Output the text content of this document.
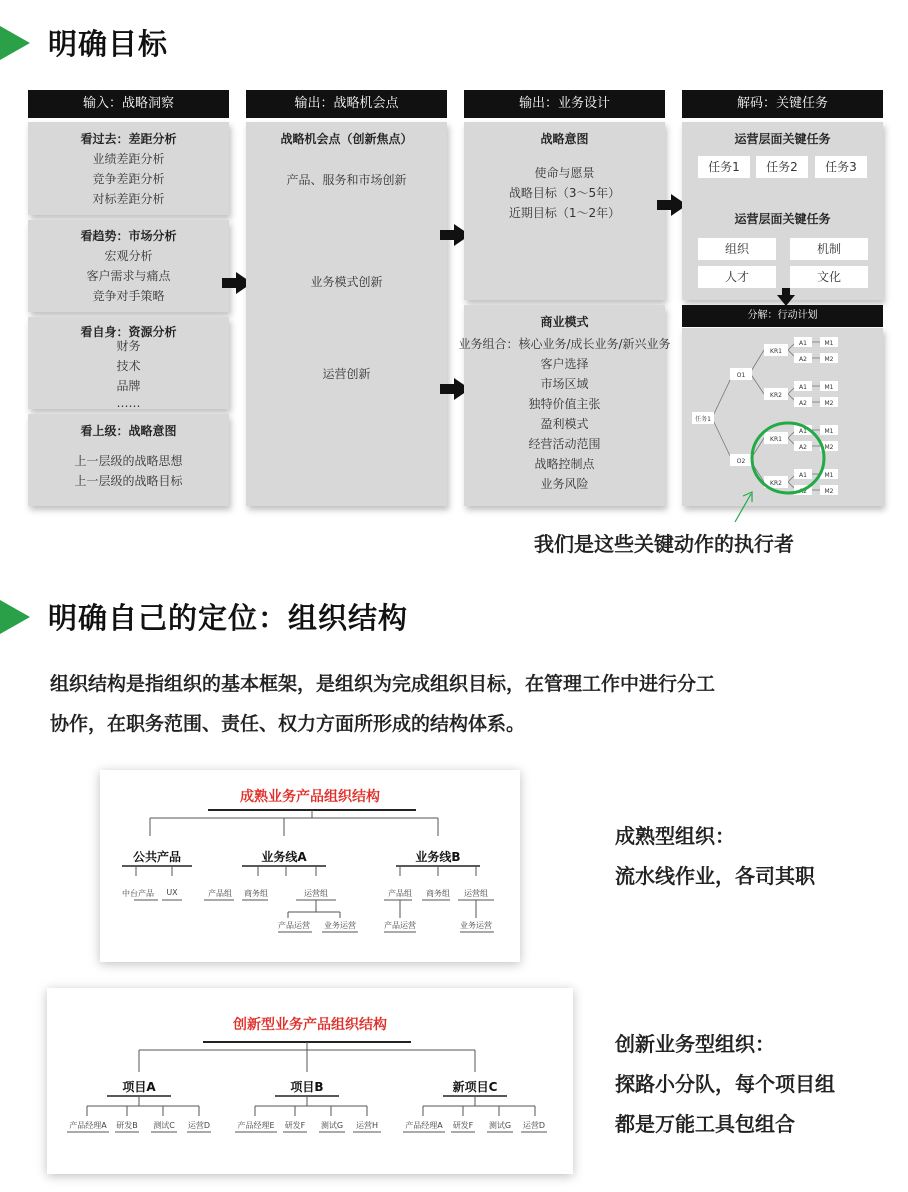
明确目标
输入：战略洞察	输出：战略机会点	输出：业务设计	解码：关键任务
看过去：差距分析
业绩差距分析
竞争差距分析
对标差距分析
看趋势：市场分析
宏观分析
客户需求与痛点
竞争对手策略
看自身：资源分析
财务
技术
品牌
……
看上级：战略意图
上一层级的战略思想
上一层级的战略目标
战略机会点（创新焦点）
产品、服务和市场创新
业务模式创新
运营创新
战略意图
使命与愿景
战略目标（3～5年）
近期目标（1～2年）
商业模式
业务组合：核心业务/成长业务/新兴业务
客户选择
市场区域
独特价值主张
盈利模式
经营活动范围
战略控制点
业务风险
运营层面关键任务
运营层面关键任务
任务1	任务2	任务3
组织	机制
人才	文化
分解：行动计划
任务1
O1
O2
KR1
KR2
KR1
KR2
A1
A2
A1
A2
A1
A2
A1
A2
M1
M2
M1
M2
M1
M2
M1
M2
我们是这些关键动作的执行者
明确自己的定位：组织结构
组织结构是指组织的基本框架，是组织为完成组织目标，在管理工作中进行分工
协作，在职务范围、责任、权力方面所形成的结构体系。
成熟业务产品组织结构
公共产品	业务线A	业务线B
中台产品	UX	产品组 商务组	运营组
产品运营 业务运营
产品组 商务组 运营组
产品运营	业务运营
成熟型组织：
流水线作业，各司其职
创新型业务产品组织结构
项目A	项目B	新项目C
产品经理A 研发B 测试C 运营D	产品经理E	研发F 测试G	运营H	产品经理A 研发F 测试G 运营D
创新业务型组织：
探路小分队，每个项目组
都是万能工具包组合
